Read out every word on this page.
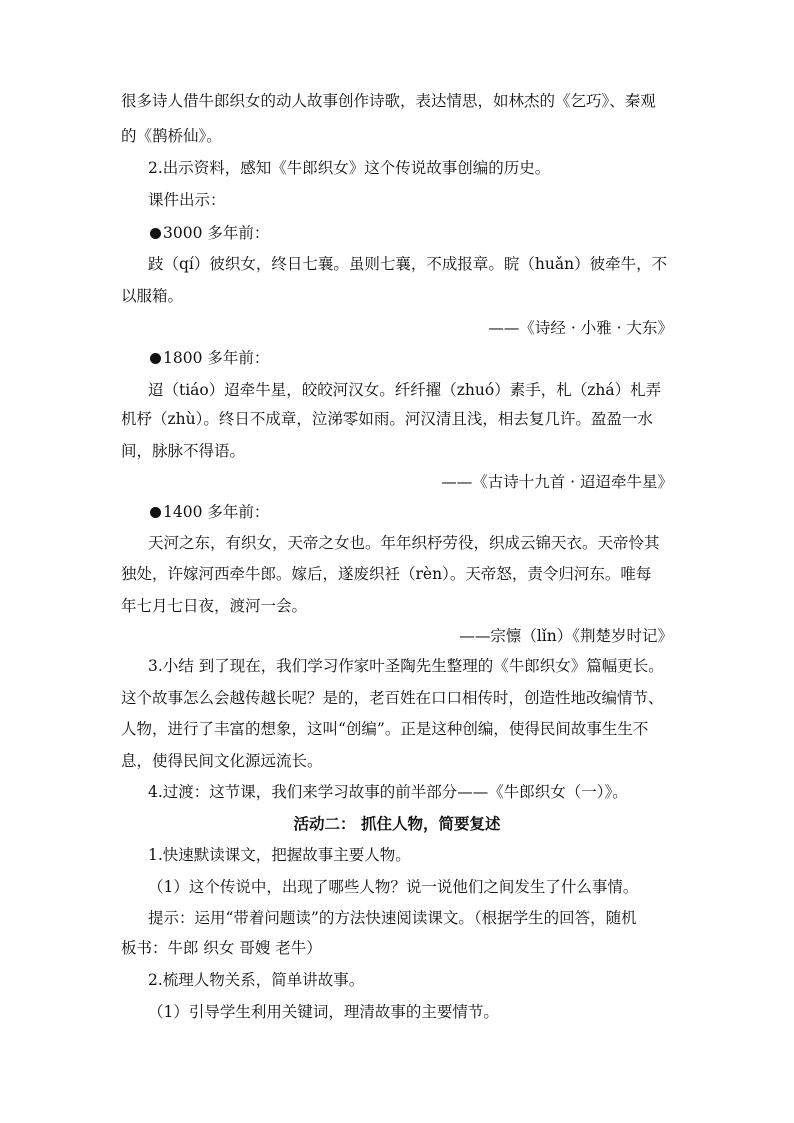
很多诗人借牛郎织女的动人故事创作诗歌，表达情思，如林杰的《乞巧》、秦观
的《鹊桥仙》。
2.出示资料，感知《牛郎织女》这个传说故事创编的历史。
课件出示：
3000 多年前：
跂（qí）彼织女，终日七襄。虽则七襄，不成报章。睆（huǎn）彼牵牛，不
以服箱。
——《诗经 · 小雅 · 大东》
1800 多年前：
迢（tiáo）迢牵牛星，皎皎河汉女。纤纤擢（zhuó）素手，札（zhá）札弄
机杼（zhù）。终日不成章，泣涕零如雨。河汉清且浅，相去复几许。盈盈一水
间，脉脉不得语。
——《古诗十九首 · 迢迢牵牛星》
1400 多年前：
天河之东，有织女，天帝之女也。年年织杼劳役，织成云锦天衣。天帝怜其
独处，许嫁河西牵牛郎。嫁后，遂废织衽（rèn）。天帝怒，责令归河东。唯每
年七月七日夜，渡河一会。
——宗懔（lǐn）《荆楚岁时记》
3.小结 到了现在，我们学习作家叶圣陶先生整理的《牛郎织女》篇幅更长。
这个故事怎么会越传越长呢？是的，老百姓在口口相传时，创造性地改编情节、
人物，进行了丰富的想象，这叫“创编”。正是这种创编，使得民间故事生生不
息，使得民间文化源远流长。
4.过渡：这节课，我们来学习故事的前半部分——《牛郎织女（一）》。
活动二： 抓住人物，简要复述
1.快速默读课文，把握故事主要人物。
（1）这个传说中，出现了哪些人物？说一说他们之间发生了什么事情。
提示：运用“带着问题读”的方法快速阅读课文。（根据学生的回答，随机
板书：牛郎 织女 哥嫂 老牛）
2.梳理人物关系，简单讲故事。
（1）引导学生利用关键词，理清故事的主要情节。
